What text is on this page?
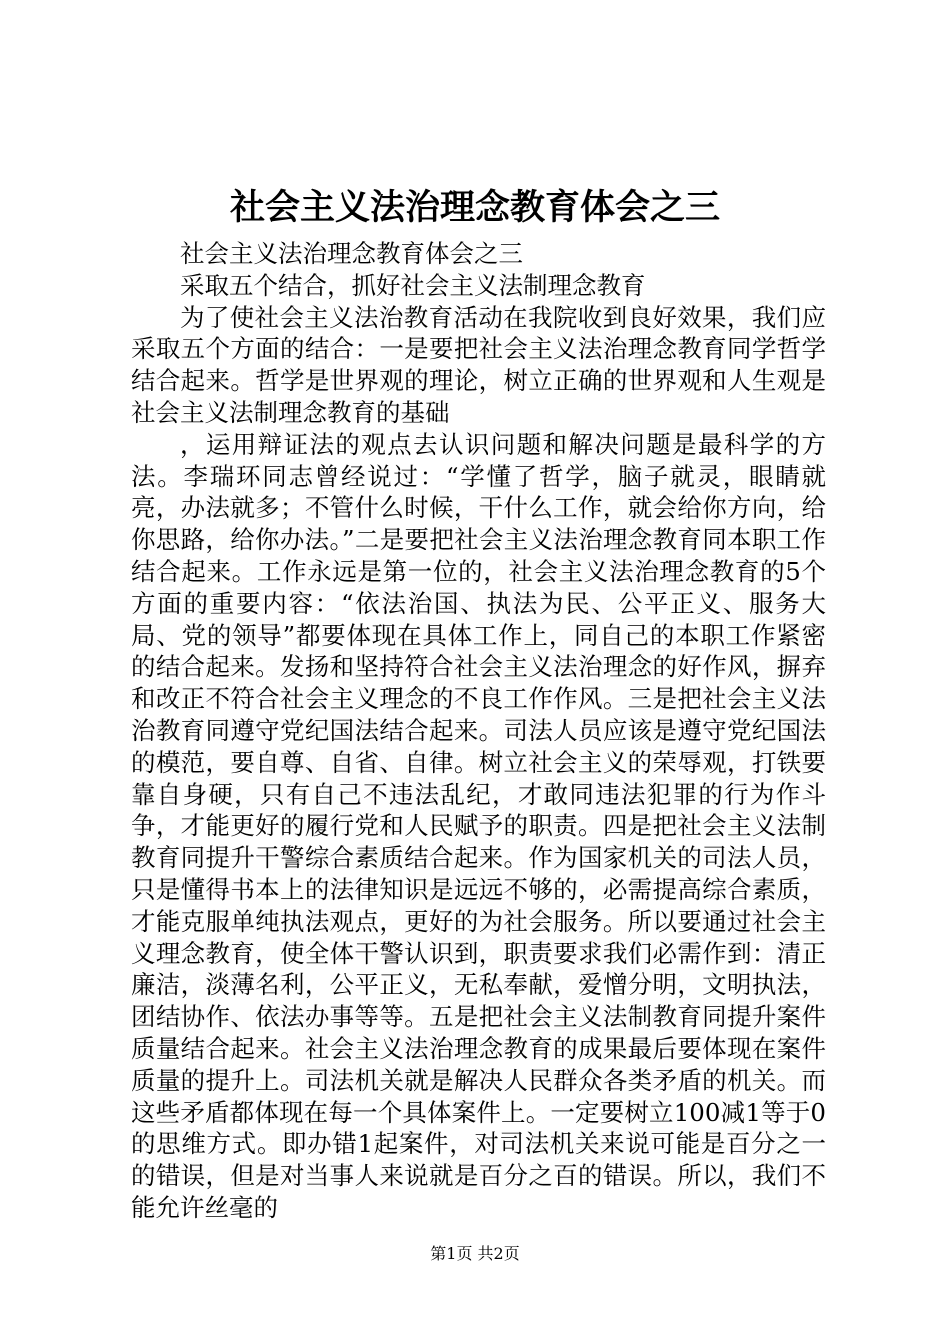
社会主义法治理念教育体会之三

社会主义法治理念教育体会之三

采取五个结合，抓好社会主义法制理念教育

为了使社会主义法治教育活动在我院收到良好效果，我们应采取五个方面的结合：一是要把社会主义法治理念教育同学哲学结合起来。哲学是世界观的理论，树立正确的世界观和人生观是社会主义法制理念教育的基础

，运用辩证法的观点去认识问题和解决问题是最科学的方法。李瑞环同志曾经说过：“学懂了哲学，脑子就灵，眼睛就亮，办法就多；不管什么时候，干什么工作，就会给你方向，给你思路，给你办法。”二是要把社会主义法治理念教育同本职工作结合起来。工作永远是第一位的，社会主义法治理念教育的5个方面的重要内容：“依法治国、执法为民、公平正义、服务大局、党的领导”都要体现在具体工作上，同自己的本职工作紧密的结合起来。发扬和坚持符合社会主义法治理念的好作风，摒弃和改正不符合社会主义理念的不良工作作风。三是把社会主义法治教育同遵守党纪国法结合起来。司法人员应该是遵守党纪国法的模范，要自尊、自省、自律。树立社会主义的荣辱观，打铁要靠自身硬，只有自己不违法乱纪，才敢同违法犯罪的行为作斗争，才能更好的履行党和人民赋予的职责。四是把社会主义法制教育同提升干警综合素质结合起来。作为国家机关的司法人员，只是懂得书本上的法律知识是远远不够的，必需提高综合素质，才能克服单纯执法观点，更好的为社会服务。所以要通过社会主义理念教育，使全体干警认识到，职责要求我们必需作到：清正廉洁，淡薄名利，公平正义，无私奉献，爱憎分明，文明执法，团结协作、依法办事等等。五是把社会主义法制教育同提升案件质量结合起来。社会主义法治理念教育的成果最后要体现在案件质量的提升上。司法机关就是解决人民群众各类矛盾的机关。而这些矛盾都体现在每一个具体案件上。一定要树立100减1等于0的思维方式。即办错1起案件，对司法机关来说可能是百分之一的错误，但是对当事人来说就是百分之百的错误。所以，我们不能允许丝毫的

第1页 共2页
